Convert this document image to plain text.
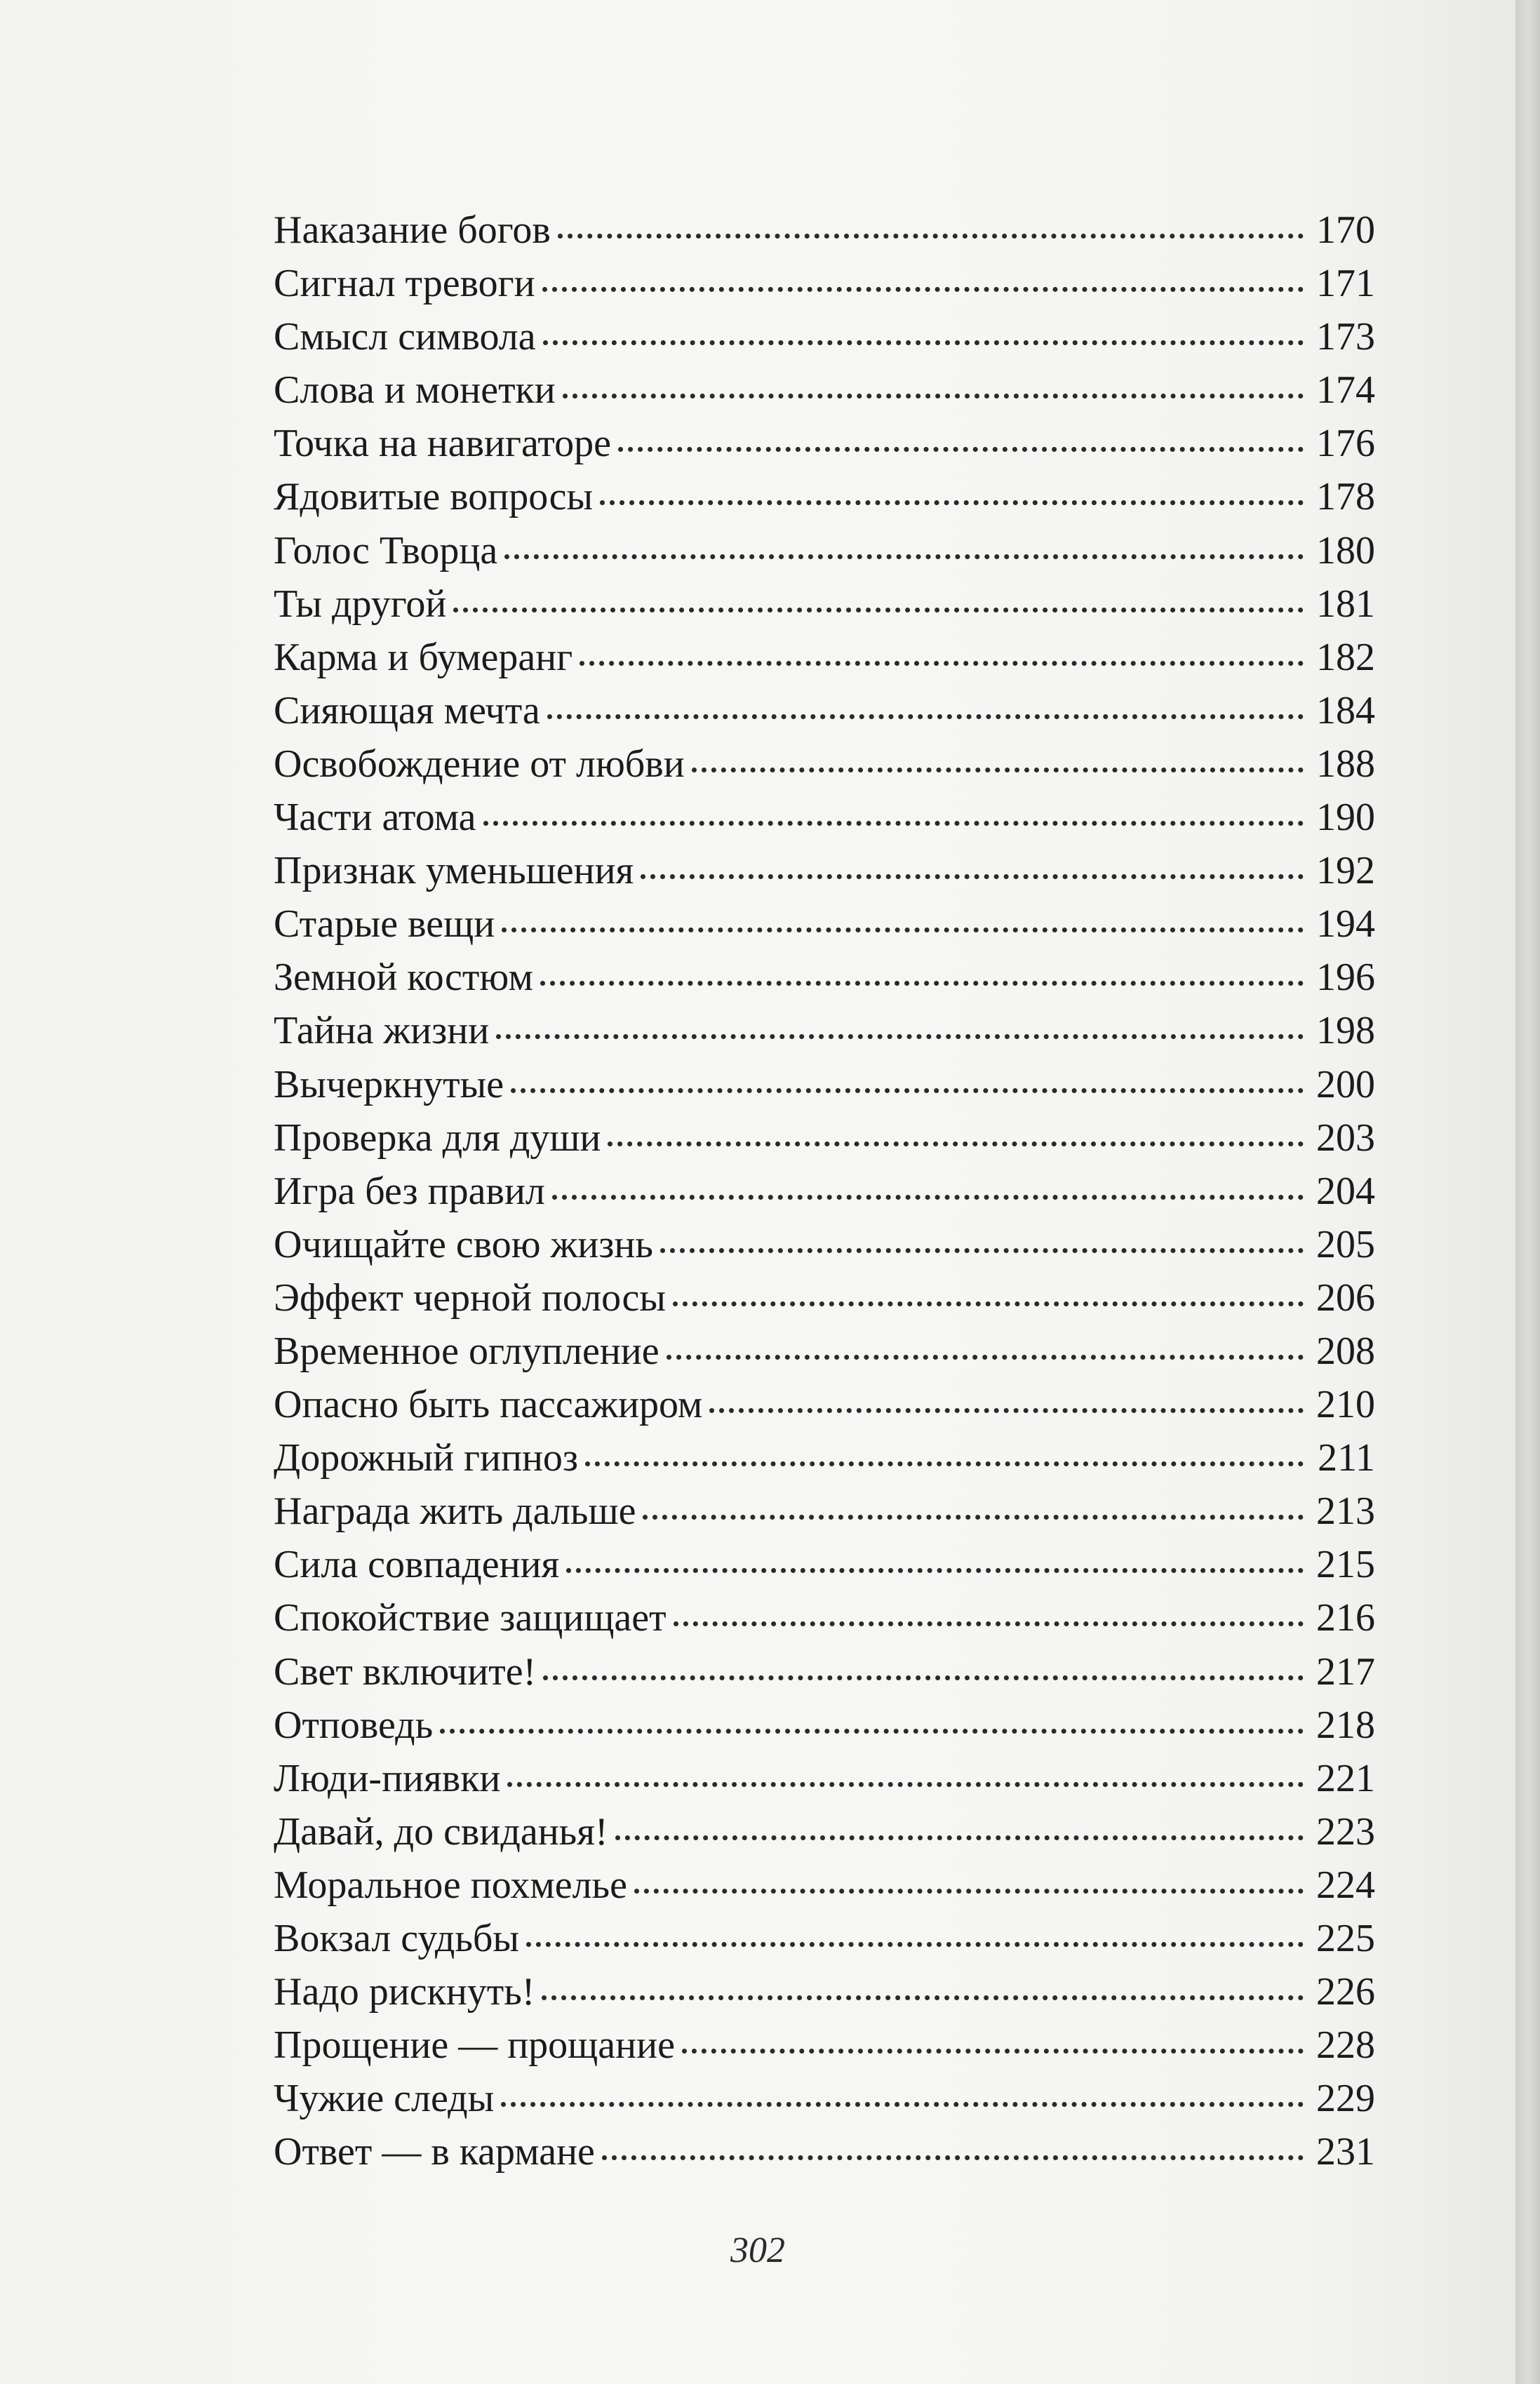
Наказание богов	170
Сигнал тревоги	171
Смысл символа	173
Слова и монетки	174
Точка на навигаторе	176
Ядовитые вопросы	178
Голос Творца	180
Ты другой	181
Карма и бумеранг	182
Сияющая мечта	184
Освобождение от любви	188
Части атома	190
Признак уменьшения	192
Старые вещи	194
Земной костюм	196
Тайна жизни	198
Вычеркнутые	200
Проверка для души	203
Игра без правил	204
Очищайте свою жизнь	205
Эффект черной полосы	206
Временное оглупление	208
Опасно быть пассажиром	210
Дорожный гипноз	211
Награда жить дальше	213
Сила совпадения	215
Спокойствие защищает	216
Свет включите!	217
Отповедь	218
Люди-пиявки	221
Давай, до свиданья!	223
Моральное похмелье	224
Вокзал судьбы	225
Надо рискнуть!	226
Прощение — прощание	228
Чужие следы	229
Ответ — в кармане	231
302
